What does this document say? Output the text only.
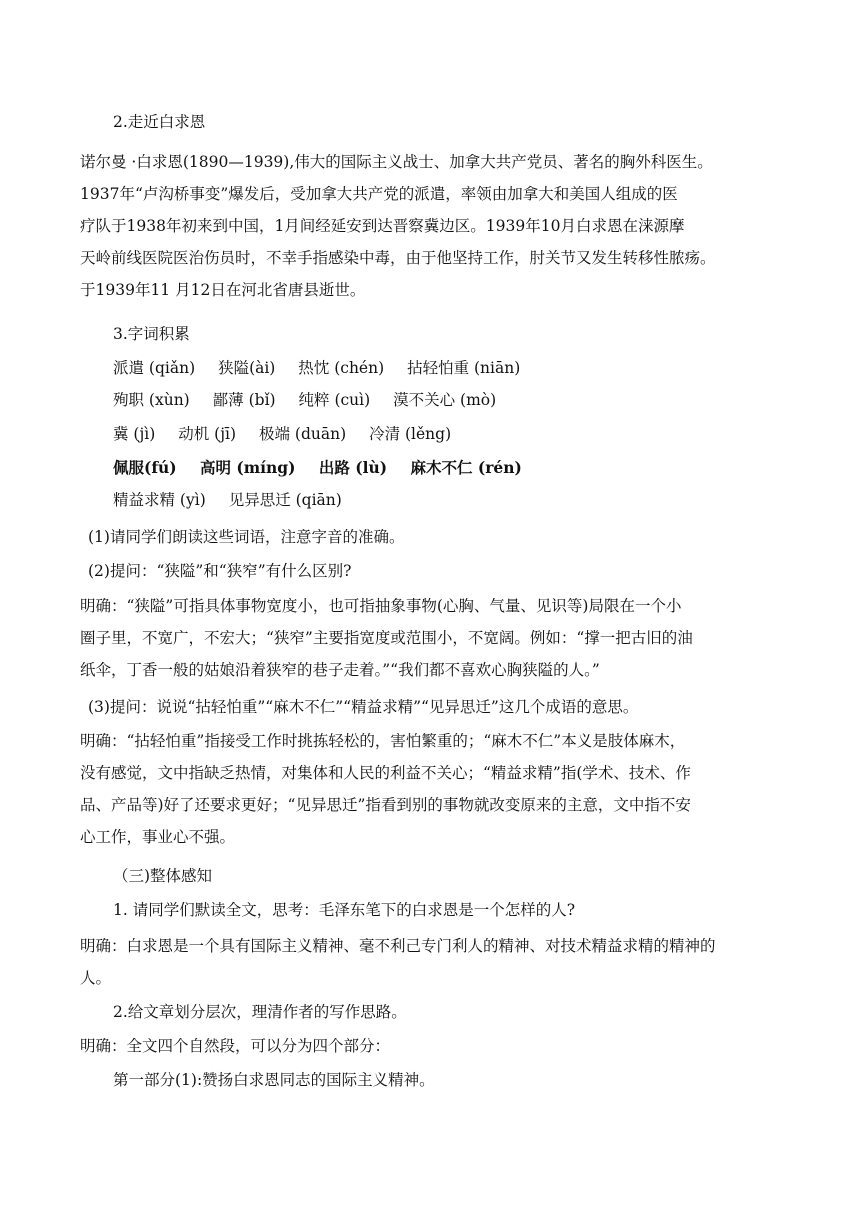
2.走近白求恩
诺尔曼 ·白求恩(1890—1939),伟大的国际主义战士、加拿大共产党员、著名的胸外科医生。
1937年“卢沟桥事变”爆发后，受加拿大共产党的派遣，率领由加拿大和美国人组成的医
疗队于1938年初来到中国，1月间经延安到达晋察冀边区。1939年10月白求恩在涞源摩
天岭前线医院医治伤员时，不幸手指感染中毒，由于他坚持工作，肘关节又发生转移性脓疡。
于1939年11 月12日在河北省唐县逝世。
3.字词积累
派遣 (qiǎn) 狭隘(ài) 热忱 (chén) 拈轻怕重 (niān)
殉职 (xùn) 鄙薄 (bǐ) 纯粹 (cuì) 漠不关心 (mò)
冀 (jì) 动机 (jī) 极端 (duān) 冷清 (lěng)
佩服(fú) 高明 (míng) 出路 (lù) 麻木不仁 (rén)
精益求精 (yì) 见异思迁 (qiān)
(1)请同学们朗读这些词语，注意字音的准确。
(2)提问：“狭隘”和“狭窄”有什么区别?
明确：“狭隘”可指具体事物宽度小，也可指抽象事物(心胸、气量、见识等)局限在一个小
圈子里，不宽广，不宏大；“狭窄”主要指宽度或范围小，不宽阔。例如：“撑一把古旧的油
纸伞，丁香一般的姑娘沿着狭窄的巷子走着。”“我们都不喜欢心胸狭隘的人。”
(3)提问：说说“拈轻怕重”“麻木不仁”“精益求精”“见异思迁”这几个成语的意思。
明确：“拈轻怕重”指接受工作时挑拣轻松的，害怕繁重的；“麻木不仁”本义是肢体麻木，
没有感觉，文中指缺乏热情，对集体和人民的利益不关心；“精益求精”指(学术、技术、作
品、产品等)好了还要求更好；“见异思迁”指看到别的事物就改变原来的主意，文中指不安
心工作，事业心不强。
（三)整体感知
1. 请同学们默读全文，思考：毛泽东笔下的白求恩是一个怎样的人?
明确：白求恩是一个具有国际主义精神、毫不利己专门利人的精神、对技术精益求精的精神的
人。
2.给文章划分层次，理清作者的写作思路。
明确：全文四个自然段，可以分为四个部分：
第一部分(1):赞扬白求恩同志的国际主义精神。
